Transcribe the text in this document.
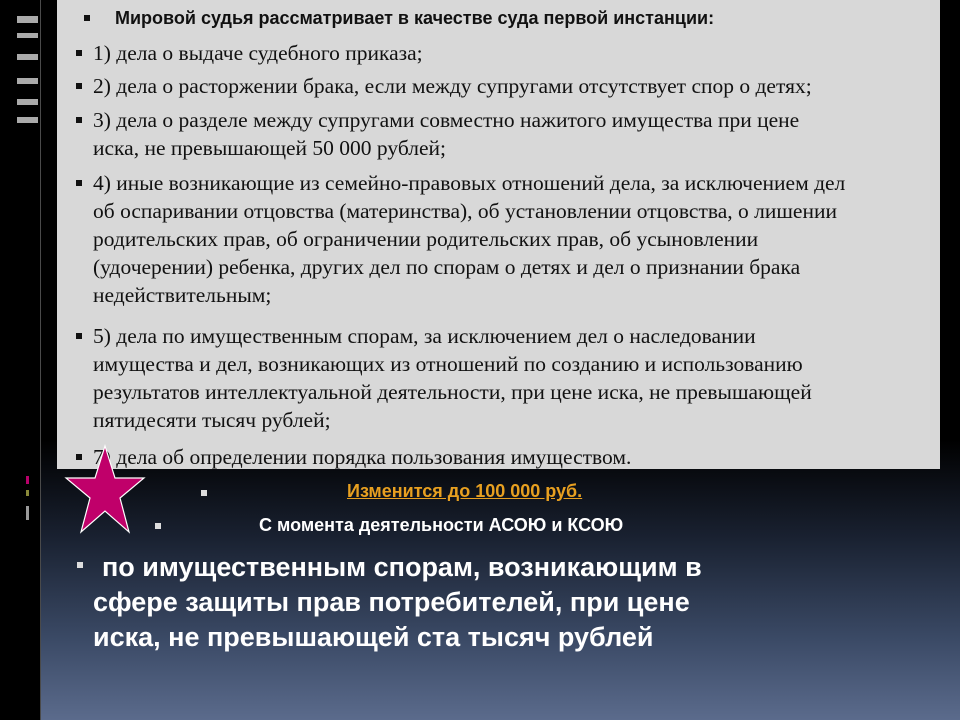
Мировой судья рассматривает в качестве суда первой инстанции:
1) дела о выдаче судебного приказа;
2) дела о расторжении брака, если между супругами отсутствует спор о детях;
3) дела о разделе между супругами совместно нажитого имущества при цене
иска, не превышающей 50 000 рублей;
4) иные возникающие из семейно-правовых отношений дела, за исключением дел
об оспаривании отцовства (материнства), об установлении отцовства, о лишении
родительских прав, об ограничении родительских прав, об усыновлении
(удочерении) ребенка, других дел по спорам о детях и дел о признании брака
недействительным;
5) дела по имущественным спорам, за исключением дел о наследовании
имущества и дел, возникающих из отношений по созданию и использованию
результатов интеллектуальной деятельности, при цене иска, не превышающей
пятидесяти тысяч рублей;
7) дела об определении порядка пользования имуществом.
Изменится до 100 000 руб.
С момента деятельности АСОЮ и КСОЮ
по имущественным спорам, возникающим в
сфере защиты прав потребителей, при цене
иска, не превышающей ста тысяч рублей
